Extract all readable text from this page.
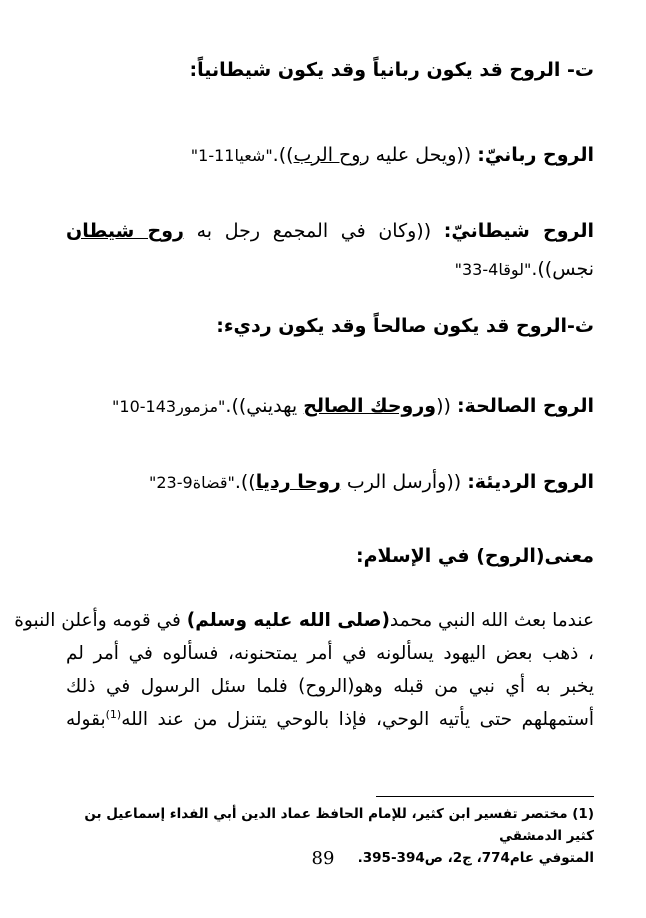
ت- الروح قد يكون ربانياً وقد يكون شيطانياً:
الروح ربانيّ: ((ويحل عليه روح الرب))."شعيا11-1"
الروح شيطانيّ: ((وكان في المجمع رجل به روح شيطان
نجس))."لوقا4-33"
ث-الروح قد يكون صالحاً وقد يكون رديء:
الروح الصالحة: ((وروحك الصالح يهديني))."مزمور143-10"
الروح الرديئة: ((وأرسل الرب روحا رديا))."قضاة9-23"
معنى(الروح) في الإسلام:
عندما بعث الله النبي محمد(صلى الله عليه وسلم) في قومه وأعلن النبوة
، ذهب بعض اليهود يسألونه في أمر يمتحنونه، فسألوه في أمر لم
يخبر به أي نبي من قبله وهو(الروح) فلما سئل الرسول في ذلك
أستمهلهم حتى يأتيه الوحي، فإذا بالوحي يتنزل من عند الله$^{(1)}$بقوله
(1) مختصر تفسير ابن كثير، للإمام الحافظ عماد الدين أبي الفداء إسماعيل بن كثير الدمشقي
المتوفي عام774، ج2، ص394-395.
89
